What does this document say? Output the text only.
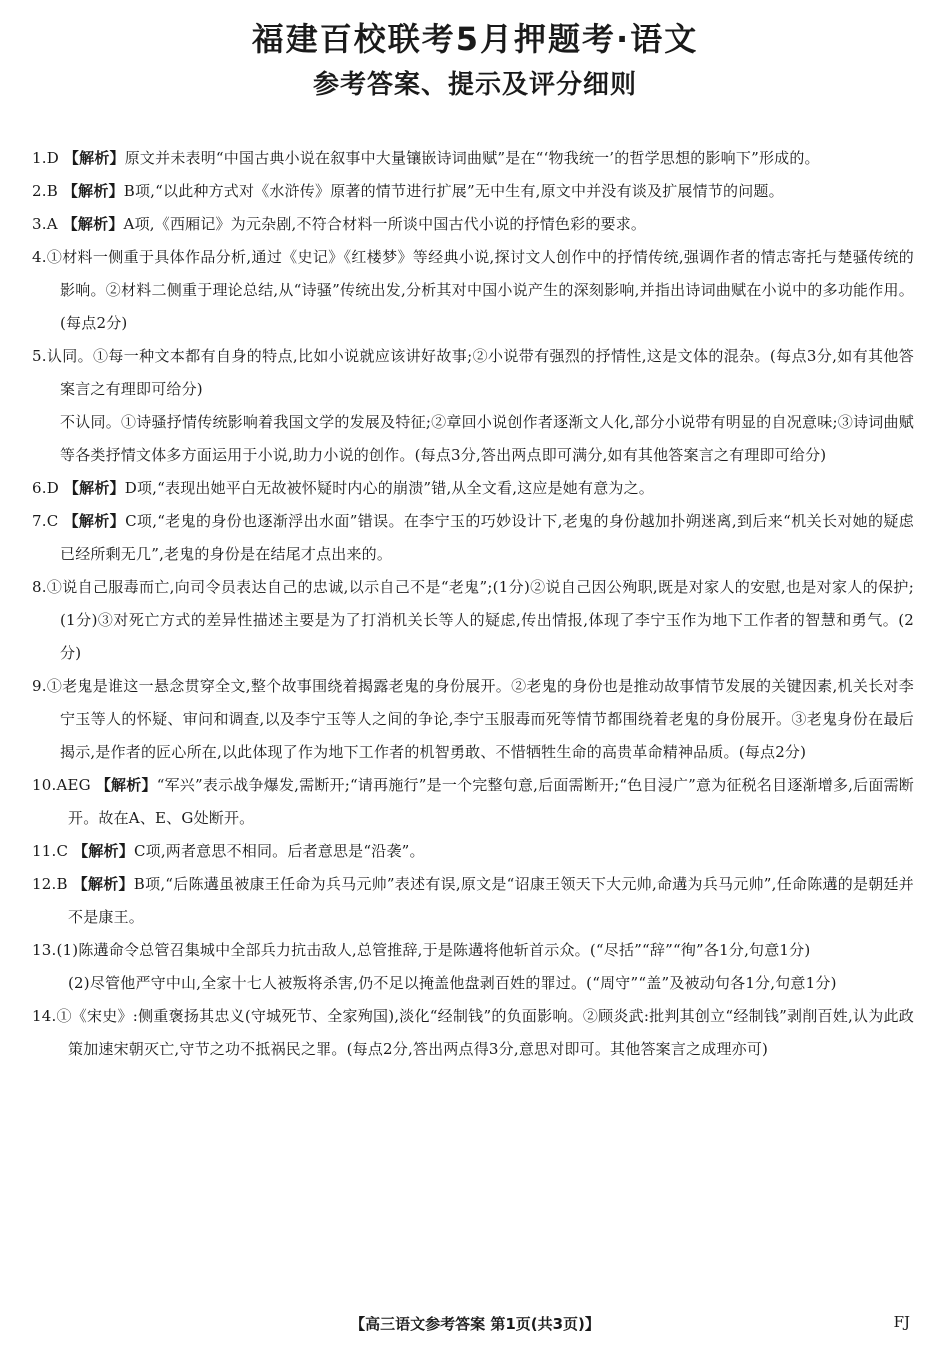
福建百校联考5月押题考·语文
参考答案、提示及评分细则
1.D 【解析】原文并未表明“中国古典小说在叙事中大量镶嵌诗词曲赋”是在“‘物我统一’的哲学思想的影响下”形成的。
2.B 【解析】B项,“以此种方式对《水浒传》原著的情节进行扩展”无中生有,原文中并没有谈及扩展情节的问题。
3.A 【解析】A项,《西厢记》为元杂剧,不符合材料一所谈中国古代小说的抒情色彩的要求。
4.①材料一侧重于具体作品分析,通过《史记》《红楼梦》等经典小说,探讨文人创作中的抒情传统,强调作者的情志寄托与楚骚传统的影响。②材料二侧重于理论总结,从“诗骚”传统出发,分析其对中国小说产生的深刻影响,并指出诗词曲赋在小说中的多功能作用。(每点2分)
5.认同。①每一种文本都有自身的特点,比如小说就应该讲好故事;②小说带有强烈的抒情性,这是文体的混杂。(每点3分,如有其他答案言之有理即可给分)
不认同。①诗骚抒情传统影响着我国文学的发展及特征;②章回小说创作者逐渐文人化,部分小说带有明显的自况意味;③诗词曲赋等各类抒情文体多方面运用于小说,助力小说的创作。(每点3分,答出两点即可满分,如有其他答案言之有理即可给分)
6.D 【解析】D项,“表现出她平白无故被怀疑时内心的崩溃”错,从全文看,这应是她有意为之。
7.C 【解析】C项,“老鬼的身份也逐渐浮出水面”错误。在李宁玉的巧妙设计下,老鬼的身份越加扑朔迷离,到后来“机关长对她的疑虑已经所剩无几”,老鬼的身份是在结尾才点出来的。
8.①说自己服毒而亡,向司令员表达自己的忠诚,以示自己不是“老鬼”;(1分)②说自己因公殉职,既是对家人的安慰,也是对家人的保护;(1分)③对死亡方式的差异性描述主要是为了打消机关长等人的疑虑,传出情报,体现了李宁玉作为地下工作者的智慧和勇气。(2分)
9.①老鬼是谁这一悬念贯穿全文,整个故事围绕着揭露老鬼的身份展开。②老鬼的身份也是推动故事情节发展的关键因素,机关长对李宁玉等人的怀疑、审问和调查,以及李宁玉等人之间的争论,李宁玉服毒而死等情节都围绕着老鬼的身份展开。③老鬼身份在最后揭示,是作者的匠心所在,以此体现了作为地下工作者的机智勇敢、不惜牺牲生命的高贵革命精神品质。(每点2分)
10.AEG 【解析】“军兴”表示战争爆发,需断开;“请再施行”是一个完整句意,后面需断开;“色目浸广”意为征税名目逐渐增多,后面需断开。故在A、E、G处断开。
11.C 【解析】C项,两者意思不相同。后者意思是“沿袭”。
12.B 【解析】B项,“后陈遘虽被康王任命为兵马元帅”表述有误,原文是“诏康王领天下大元帅,命遘为兵马元帅”,任命陈遘的是朝廷并不是康王。
13.(1)陈遘命令总管召集城中全部兵力抗击敌人,总管推辞,于是陈遘将他斩首示众。(“尽括”“辞”“徇”各1分,句意1分)
(2)尽管他严守中山,全家十七人被叛将杀害,仍不足以掩盖他盘剥百姓的罪过。(“周守”“盖”及被动句各1分,句意1分)
14.①《宋史》:侧重褒扬其忠义(守城死节、全家殉国),淡化“经制钱”的负面影响。②顾炎武:批判其创立“经制钱”剥削百姓,认为此政策加速宋朝灭亡,守节之功不抵祸民之罪。(每点2分,答出两点得3分,意思对即可。其他答案言之成理亦可)
【高三语文参考答案 第1页(共3页)】	FJ
